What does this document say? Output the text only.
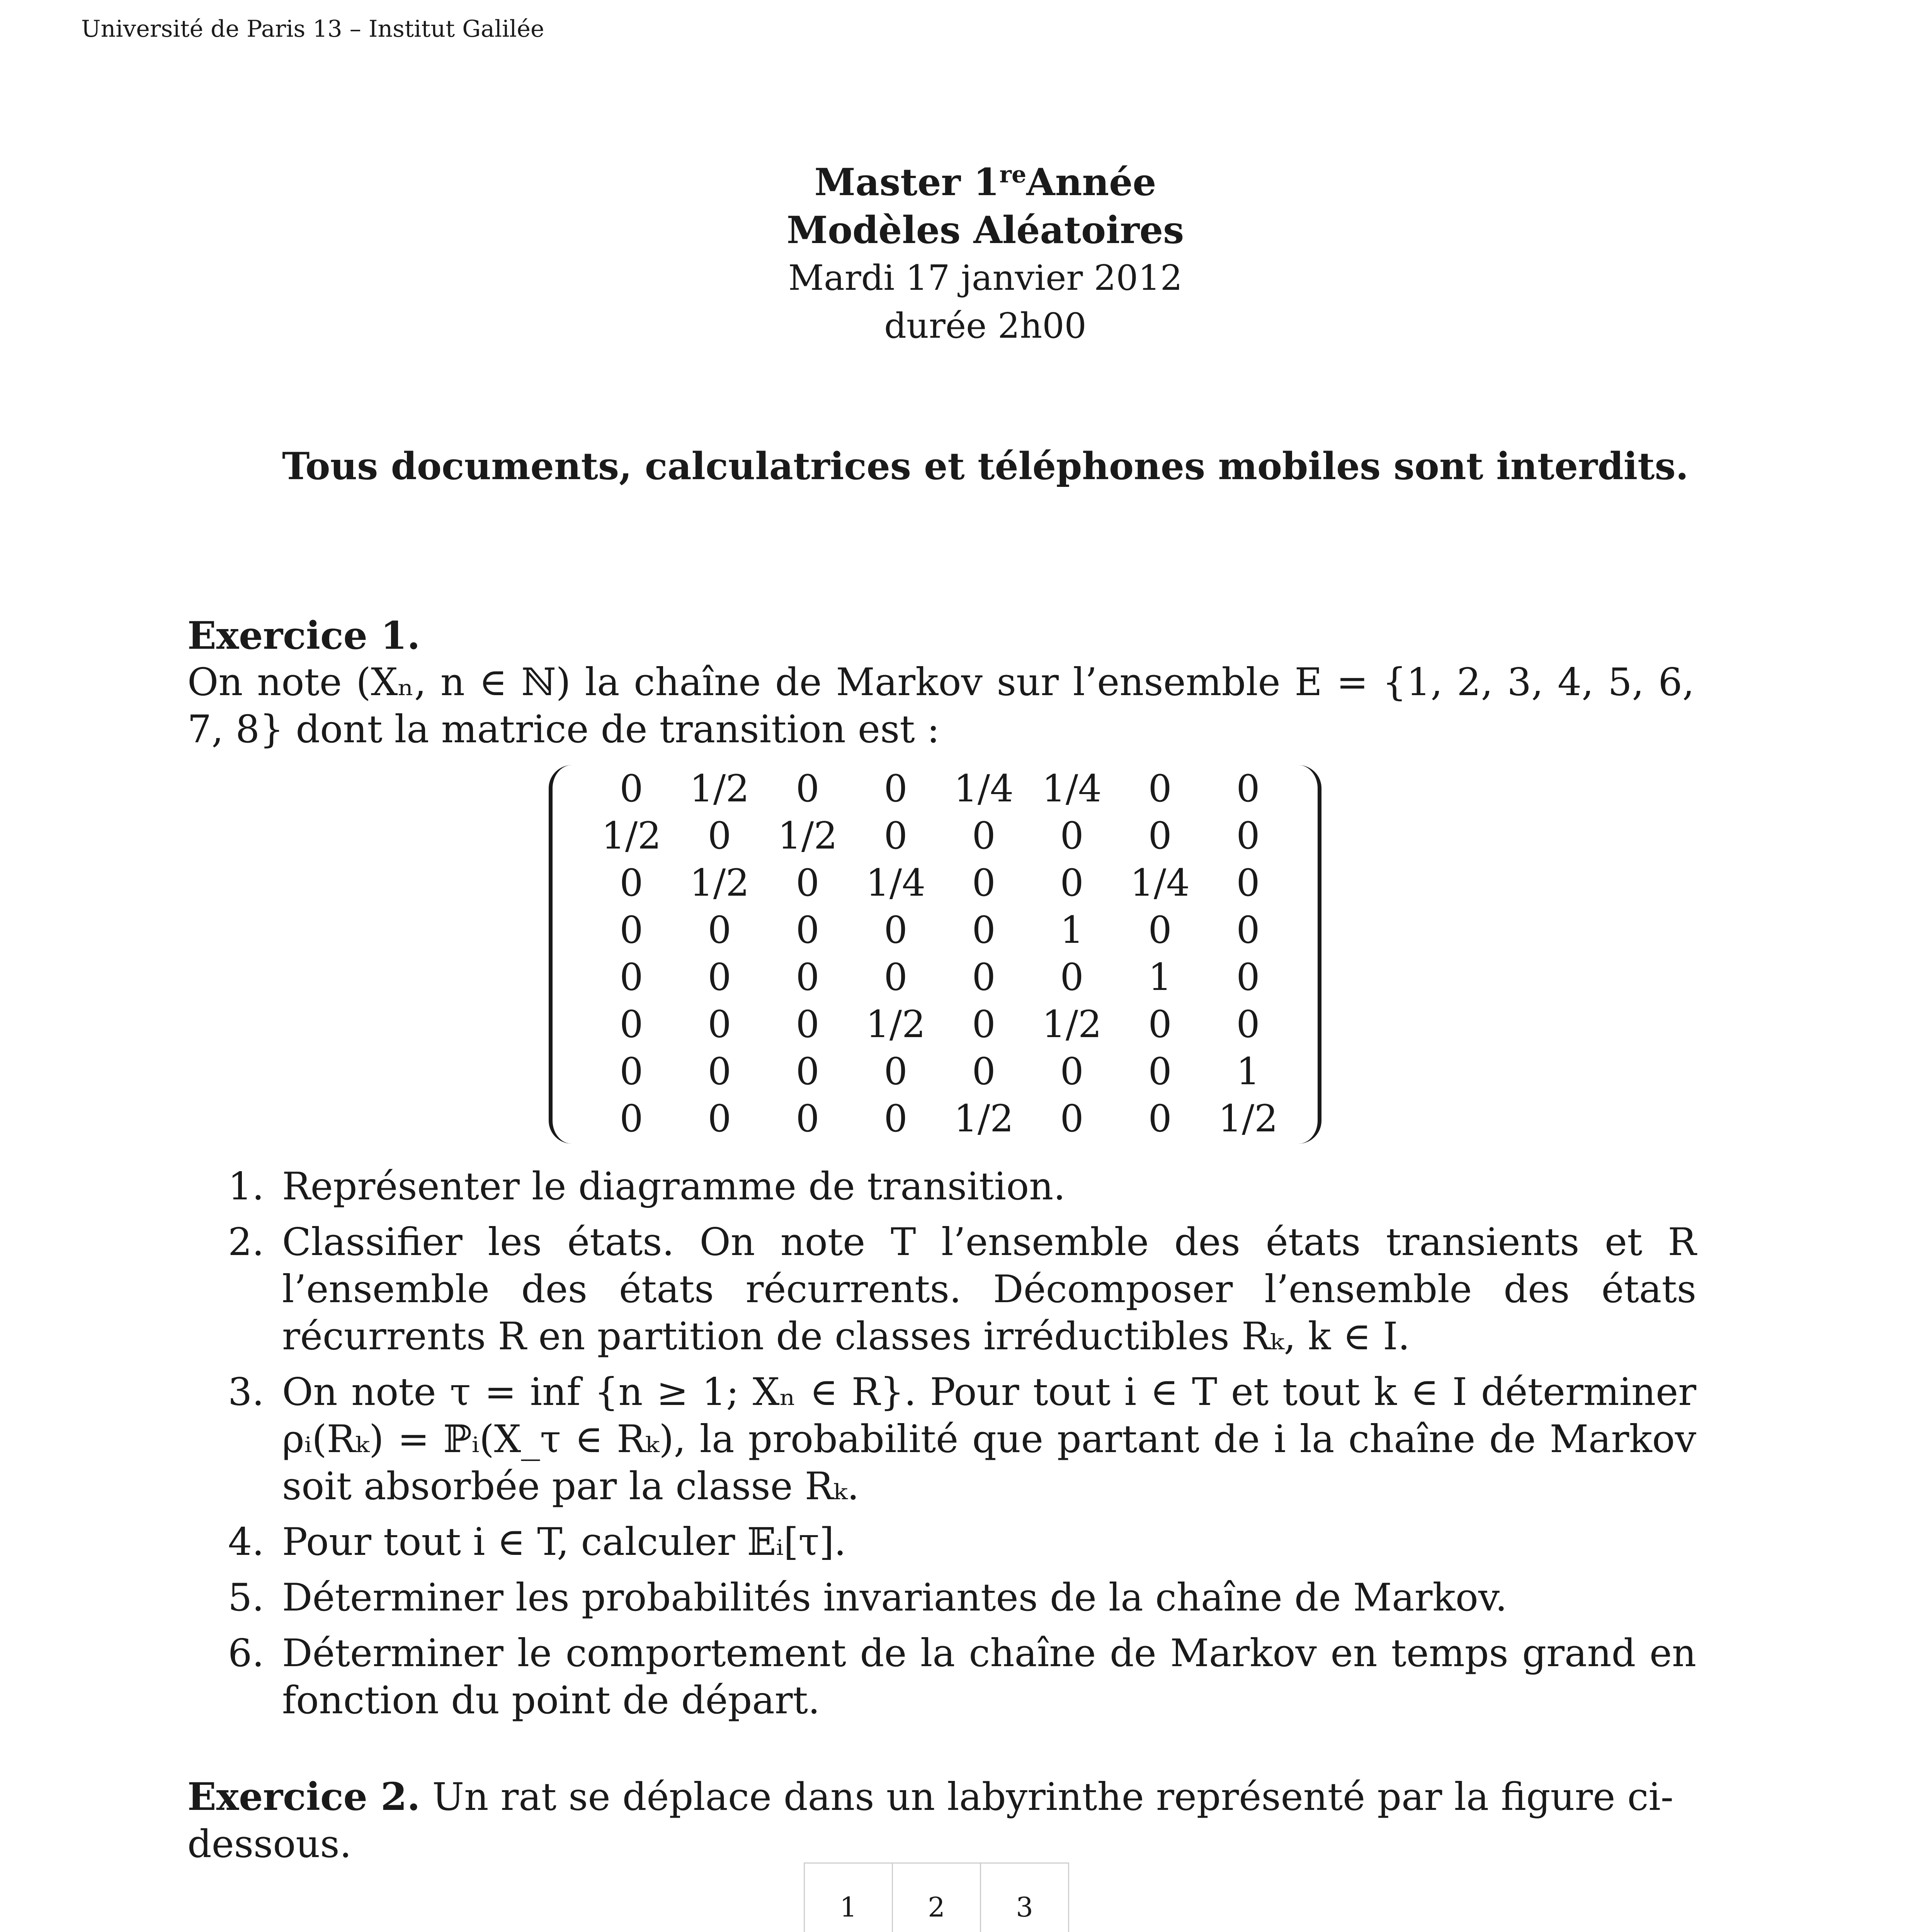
Université de Paris 13 – Institut Galilée
Master 1reAnnée
Modèles Aléatoires
Mardi 17 janvier 2012
durée 2h00
Tous documents, calculatrices et téléphones mobiles sont interdits.
Exercice 1.
On note (Xₙ, n ∈ ℕ) la chaîne de Markov sur l’ensemble E = {1, 2, 3, 4, 5, 6, 7, 8} dont la matrice de transition est :
0	1/2	0	0	1/4	1/4	0	0
1/2	0	1/2	0	0	0	0	0
0	1/2	0	1/4	0	0	1/4	0
0	0	0	0	0	1	0	0
0	0	0	0	0	0	1	0
0	0	0	1/2	0	1/2	0	0
0	0	0	0	0	0	0	1
0	0	0	0	1/2	0	0	1/2
1. Représenter le diagramme de transition.
2. Classifier les états. On note T l’ensemble des états transients et R l’ensemble des états récurrents. Décomposer l’ensemble des états récurrents R en partition de classes irréductibles Rₖ, k ∈ I.
3. On note τ = inf {n ≥ 1; Xₙ ∈ R}. Pour tout i ∈ T et tout k ∈ I déterminer ρᵢ(Rₖ) = ℙᵢ(X_τ ∈ Rₖ), la probabilité que partant de i la chaîne de Markov soit absorbée par la classe Rₖ.
4. Pour tout i ∈ T, calculer 𝔼ᵢ[τ].
5. Déterminer les probabilités invariantes de la chaîne de Markov.
6. Déterminer le comportement de la chaîne de Markov en temps grand en fonction du point de départ.
Exercice 2. Un rat se déplace dans un labyrinthe représenté par la figure ci-dessous.
1	2	3
